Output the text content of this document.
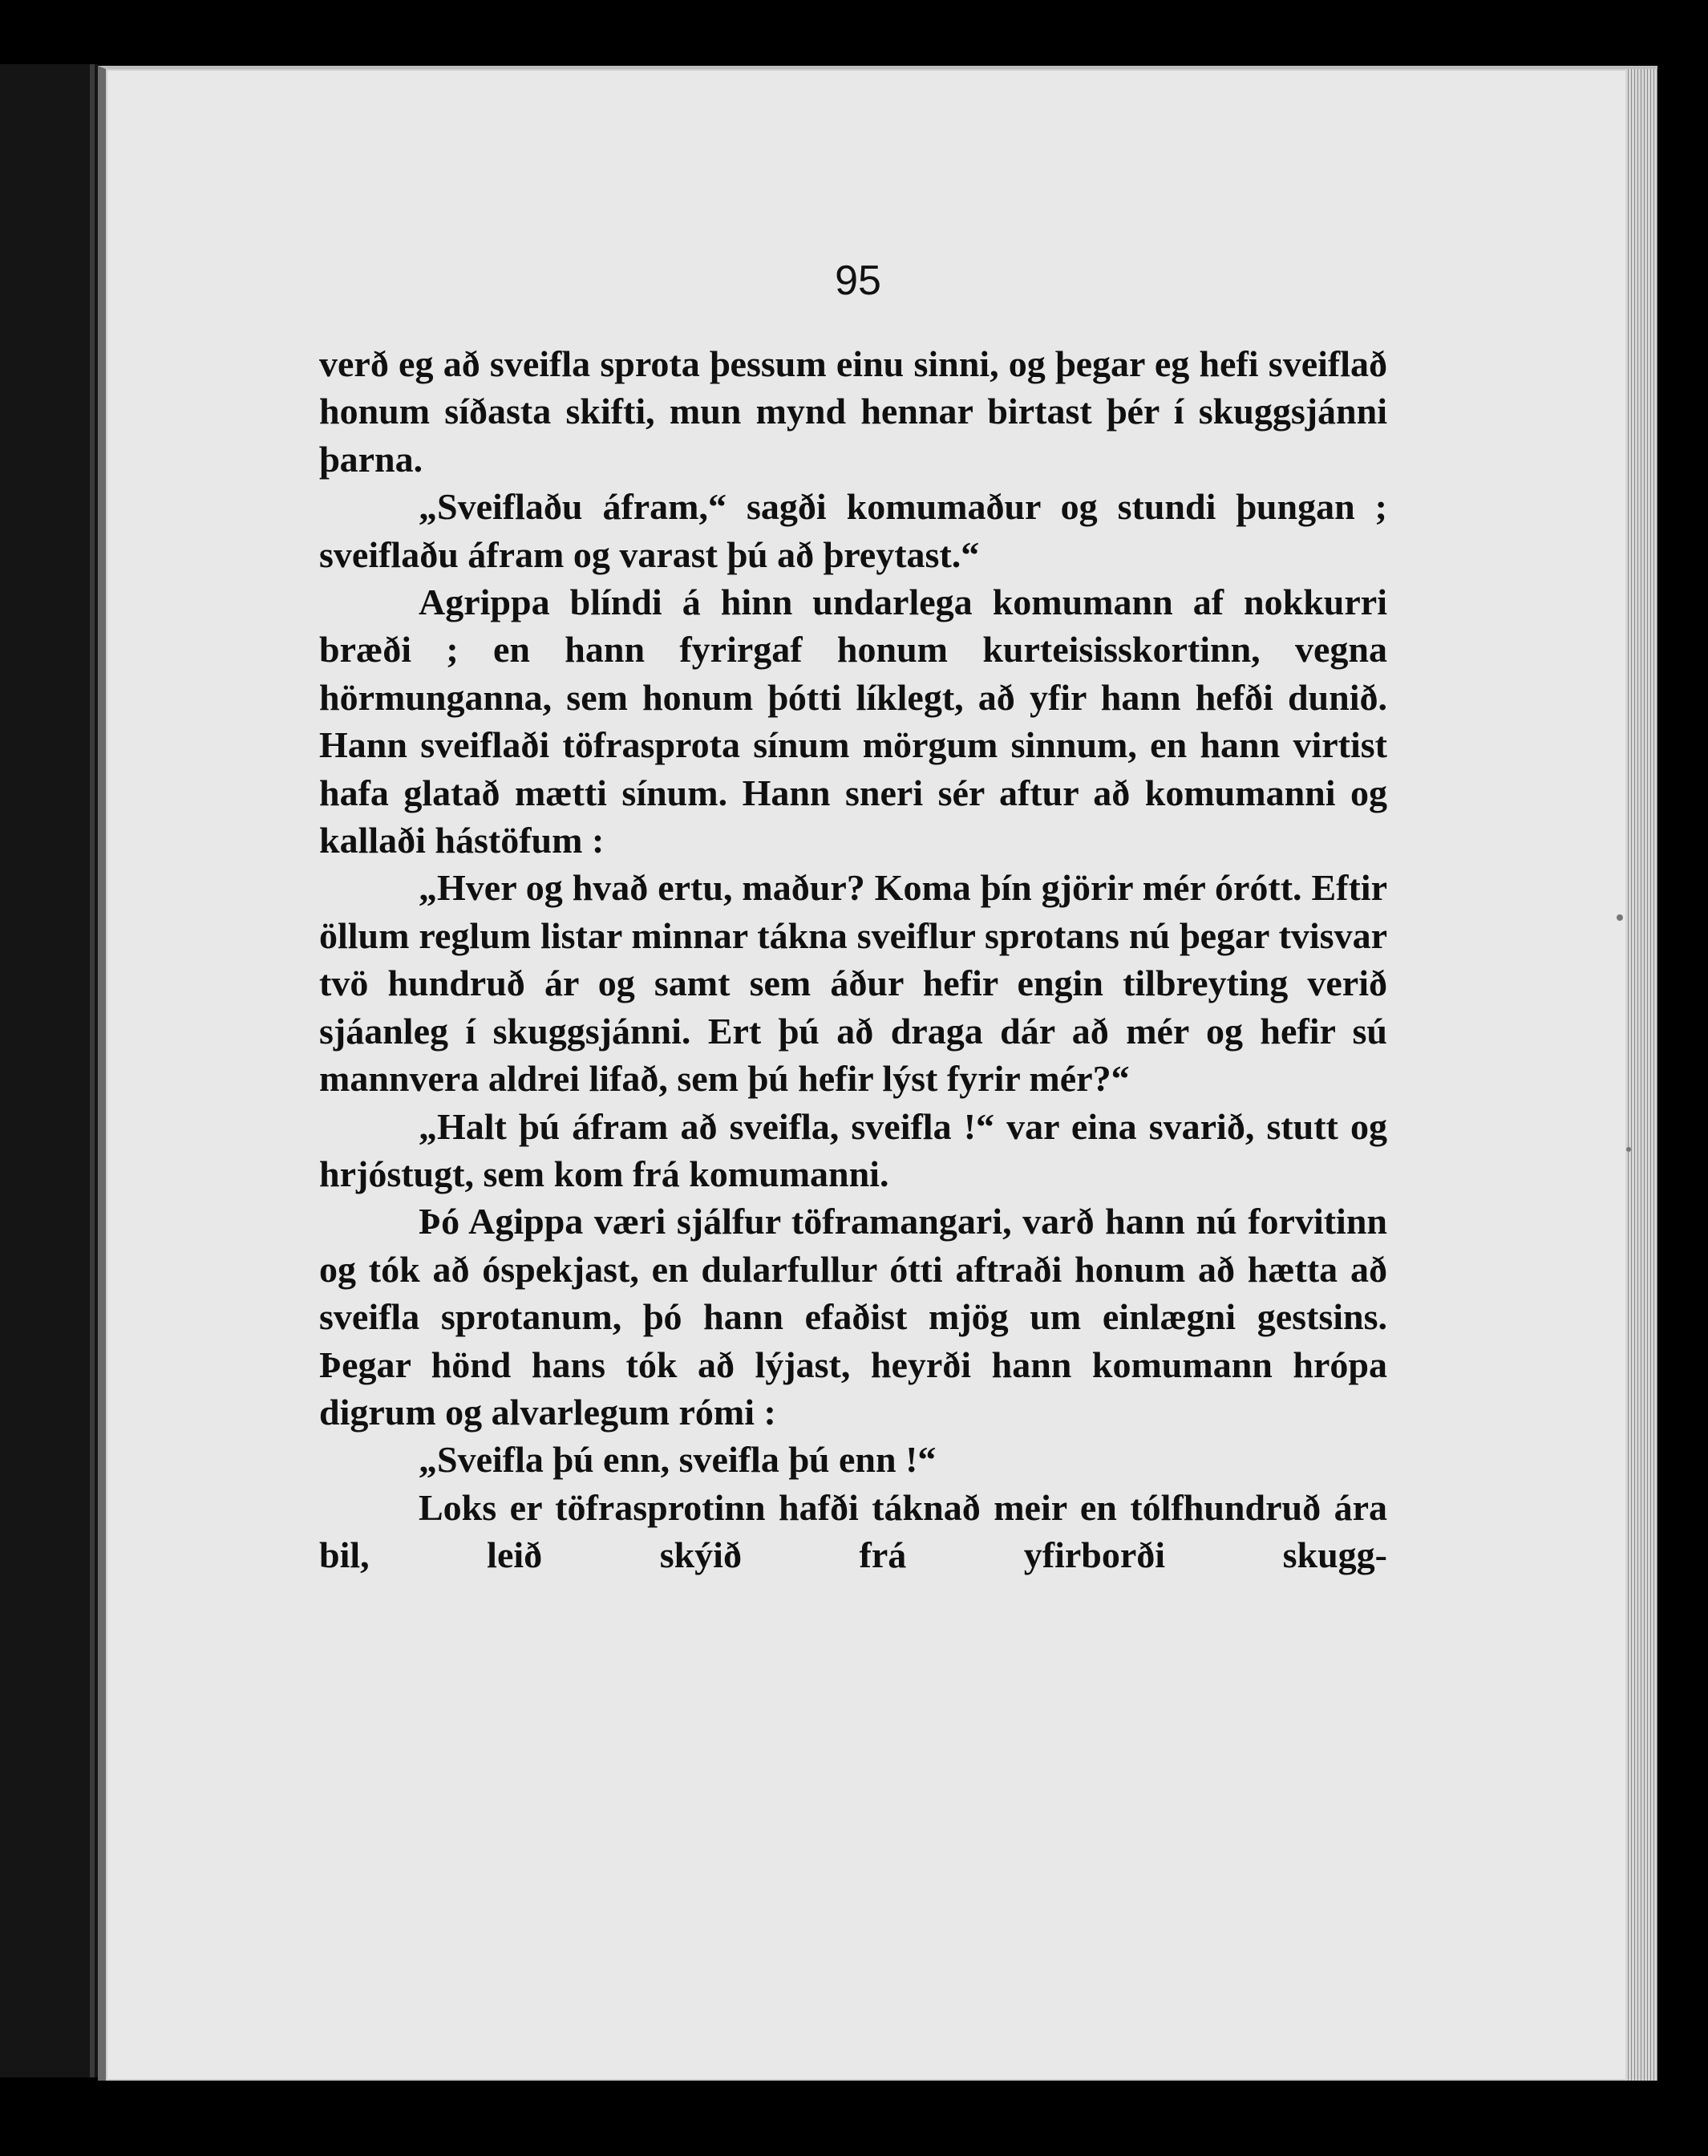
95

verð eg að sveifla sprota þessum einu sinni, og þegar eg hefi sveiflað honum síðasta skifti, mun mynd hennar birtast þér í skuggsjánni þarna.

„Sveiflaðu áfram,“ sagði komumaður og stundi þungan ; sveiflaðu áfram og varast þú að þreytast.“

Agrippa blíndi á hinn undarlega komumann af nokkurri bræði ; en hann fyrirgaf honum kurteisisskortinn, vegna hörmunganna, sem honum þótti líklegt, að yfir hann hefði dunið. Hann sveiflaði töfrasprota sínum mörgum sinnum, en hann virtist hafa glatað mætti sínum. Hann sneri sér aftur að komumanni og kallaði hástöfum :

„Hver og hvað ertu, maður? Koma þín gjörir mér órótt. Eftir öllum reglum listar minnar tákna sveiflur sprotans nú þegar tvisvar tvö hundruð ár og samt sem áður hefir engin tilbreyting verið sjáanleg í skuggsjánni. Ert þú að draga dár að mér og hefir sú mannvera aldrei lifað, sem þú hefir lýst fyrir mér?“

„Halt þú áfram að sveifla, sveifla !“ var eina svarið, stutt og hrjóstugt, sem kom frá komumanni.

Þó Agippa væri sjálfur töframangari, varð hann nú forvitinn og tók að óspekjast, en dularfullur ótti aftraði honum að hætta að sveifla sprotanum, þó hann efaðist mjög um einlægni gestsins. Þegar hönd hans tók að lýjast, heyrði hann komumann hrópa digrum og alvarlegum rómi :

„Sveifla þú enn, sveifla þú enn !“

Loks er töfrasprotinn hafði táknað meir en tólfhundruð ára bil, leið skýið frá yfirborði skugg-
